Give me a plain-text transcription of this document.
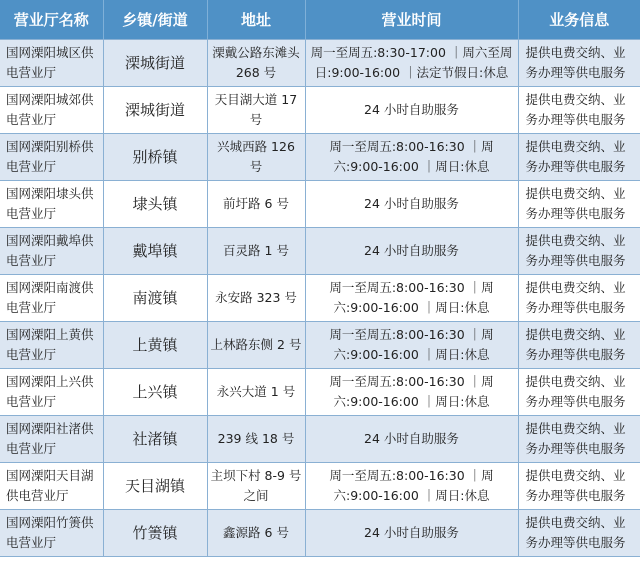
营业厅名称	乡镇/街道	地址	营业时间	业务信息
国网溧阳城区供电营业厅	溧城街道	溧戴公路东滩头 268 号	周一至周五:8:30-17:00 ｜周六至周日:9:00-16:00 ｜法定节假日:休息	提供电费交纳、业务办理等供电服务
国网溧阳城郊供电营业厅	溧城街道	天目湖大道 17 号	24 小时自助服务	提供电费交纳、业务办理等供电服务
国网溧阳别桥供电营业厅	别桥镇	兴城西路 126 号	周一至周五:8:00-16:30 ｜周六:9:00-16:00 ｜周日:休息	提供电费交纳、业务办理等供电服务
国网溧阳埭头供电营业厅	埭头镇	前圩路 6 号	24 小时自助服务	提供电费交纳、业务办理等供电服务
国网溧阳戴埠供电营业厅	戴埠镇	百灵路 1 号	24 小时自助服务	提供电费交纳、业务办理等供电服务
国网溧阳南渡供电营业厅	南渡镇	永安路 323 号	周一至周五:8:00-16:30 ｜周六:9:00-16:00 ｜周日:休息	提供电费交纳、业务办理等供电服务
国网溧阳上黄供电营业厅	上黄镇	上林路东侧 2 号	周一至周五:8:00-16:30 ｜周六:9:00-16:00 ｜周日:休息	提供电费交纳、业务办理等供电服务
国网溧阳上兴供电营业厅	上兴镇	永兴大道 1 号	周一至周五:8:00-16:30 ｜周六:9:00-16:00 ｜周日:休息	提供电费交纳、业务办理等供电服务
国网溧阳社渚供电营业厅	社渚镇	239 线 18 号	24 小时自助服务	提供电费交纳、业务办理等供电服务
国网溧阳天目湖供电营业厅	天目湖镇	主坝下村 8-9 号之间	周一至周五:8:00-16:30 ｜周六:9:00-16:00 ｜周日:休息	提供电费交纳、业务办理等供电服务
国网溧阳竹箦供电营业厅	竹箦镇	鑫源路 6 号	24 小时自助服务	提供电费交纳、业务办理等供电服务
